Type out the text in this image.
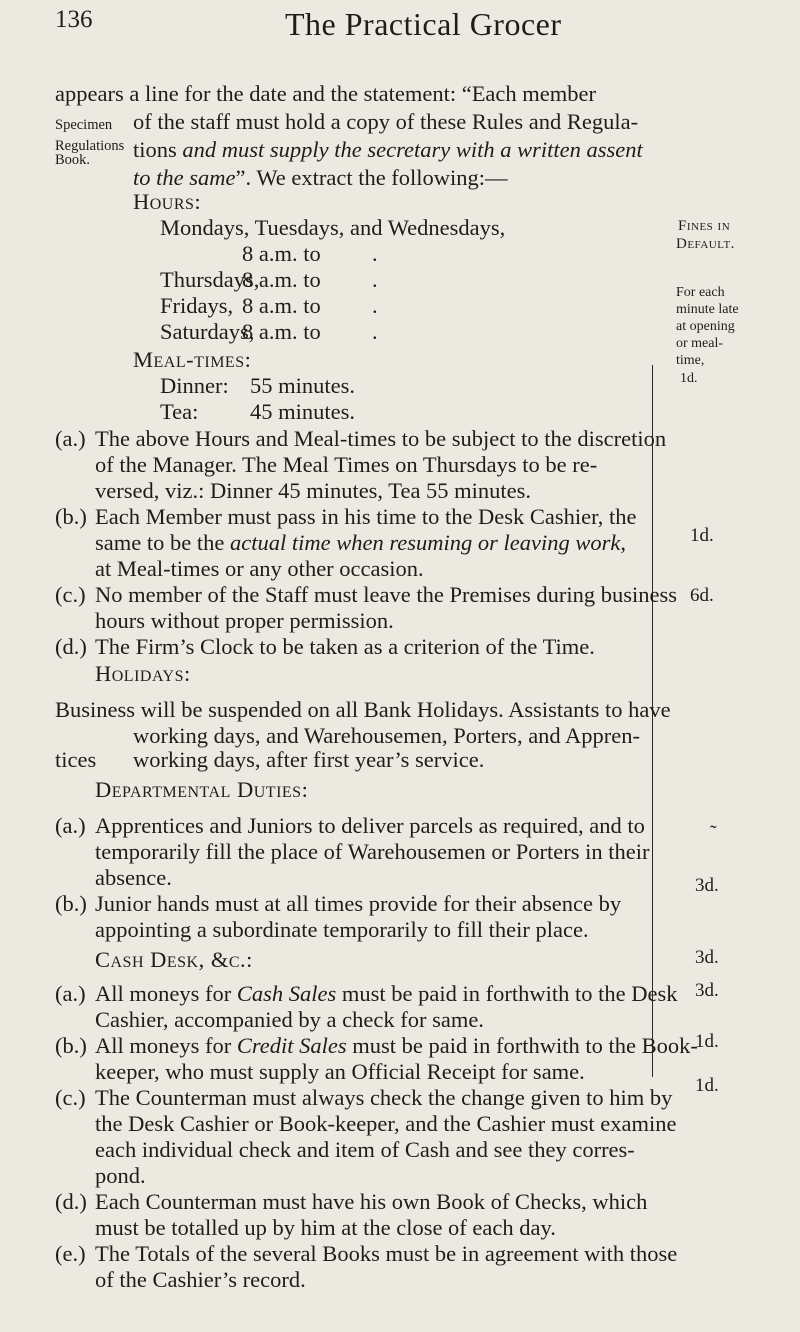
136	The Practical Grocer
Specimen
Regulations
Book.
appears a line for the date and the statement: “Each member
of the staff must hold a copy of these Rules and Regula-
tions and must supply the secretary with a written assent
to the same”. We extract the following:—
Hours:
Mondays, Tuesdays, and Wednesdays,
8 a.m. to .
Thursdays,
8 a.m. to .
Fridays, 8 a.m. to .
Saturdays,
8 a.m. to .
Meal-times:
Dinner: 55 minutes.
Tea: 45 minutes.
Fines in
Default.
For each
minute late
at opening
or meal-
time,
1d.
1d.
6d.
˜
3d.
3d.
3d.
1d.
1d.
(a.) The above Hours and Meal-times to be subject to the discretion
of the Manager. The Meal Times on Thursdays to be re-
versed, viz.: Dinner 45 minutes, Tea 55 minutes.
(b.) Each Member must pass in his time to the Desk Cashier, the
same to be the actual time when resuming or leaving work,
at Meal-times or any other occasion.
(c.) No member of the Staff must leave the Premises during business
hours without proper permission.
(d.) The Firm’s Clock to be taken as a criterion of the Time.
Holidays:
Business will be suspended on all Bank Holidays. Assistants to have
working days, and Warehousemen, Porters, and Appren-
tices working days, after first year’s service.
Departmental Duties:
(a.) Apprentices and Juniors to deliver parcels as required, and to
temporarily fill the place of Warehousemen or Porters in their
absence.
(b.) Junior hands must at all times provide for their absence by
appointing a subordinate temporarily to fill their place.
Cash Desk, &c.:
(a.) All moneys for Cash Sales must be paid in forthwith to the Desk
Cashier, accompanied by a check for same.
(b.) All moneys for Credit Sales must be paid in forthwith to the Book-
keeper, who must supply an Official Receipt for same.
(c.) The Counterman must always check the change given to him by
the Desk Cashier or Book-keeper, and the Cashier must examine
each individual check and item of Cash and see they corres-
pond.
(d.) Each Counterman must have his own Book of Checks, which
must be totalled up by him at the close of each day.
(e.) The Totals of the several Books must be in agreement with those
of the Cashier’s record.
